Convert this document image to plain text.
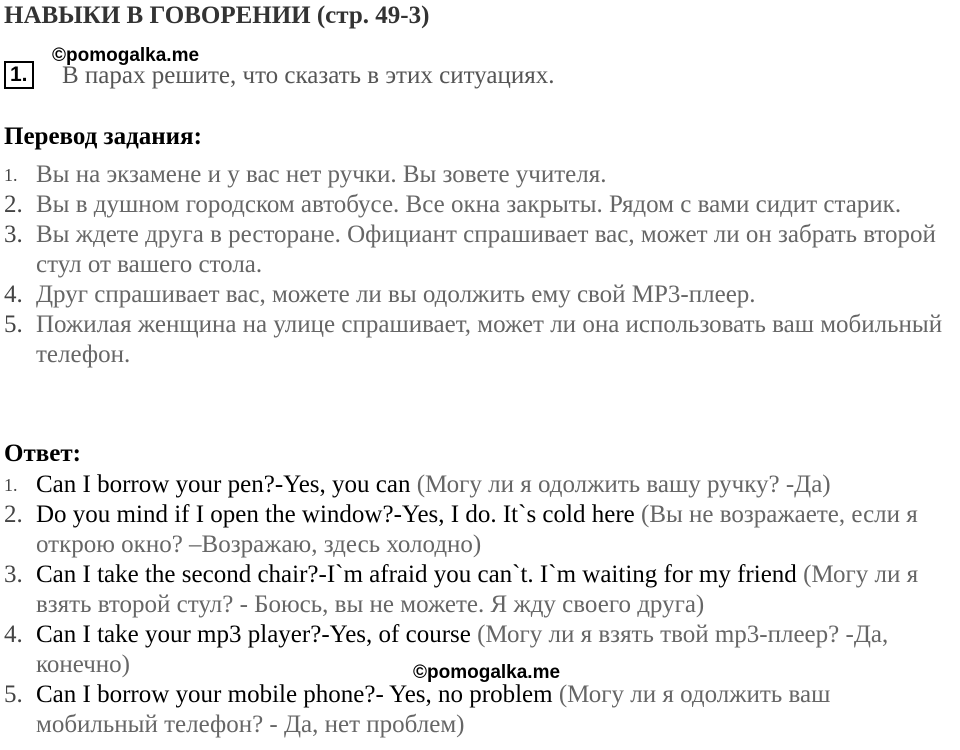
НАВЫКИ В ГОВОРЕНИИ (стр. 49-3)
©pomogalka.me
1. В парах решите, что сказать в этих ситуациях.
Перевод задания:
1. Вы на экзамене и у вас нет ручки. Вы зовете учителя.
2. Вы в душном городском автобусе. Все окна закрыты. Рядом с вами сидит старик.
3. Вы ждете друга в ресторане. Официант спрашивает вас, может ли он забрать второй стул от вашего стола.
4. Друг спрашивает вас, можете ли вы одолжить ему свой MP3-плеер.
5. Пожилая женщина на улице спрашивает, может ли она использовать ваш мобильный телефон.
Ответ:
1. Can I borrow your pen?-Yes, you can (Могу ли я одолжить вашу ручку? -Да)
2. Do you mind if I open the window?-Yes, I do. It`s cold here (Вы не возражаете, если я открою окно? –Возражаю, здесь холодно)
3. Can I take the second chair?-I`m afraid you can`t. I`m waiting for my friend (Могу ли я взять второй стул? - Боюсь, вы не можете. Я жду своего друга)
4. Can I take your mp3 player?-Yes, of course (Могу ли я взять твой mp3-плеер? -Да, конечно)
5. Can I borrow your mobile phone?- Yes, no problem (Могу ли я одолжить ваш мобильный телефон? - Да, нет проблем)
©pomogalka.me
